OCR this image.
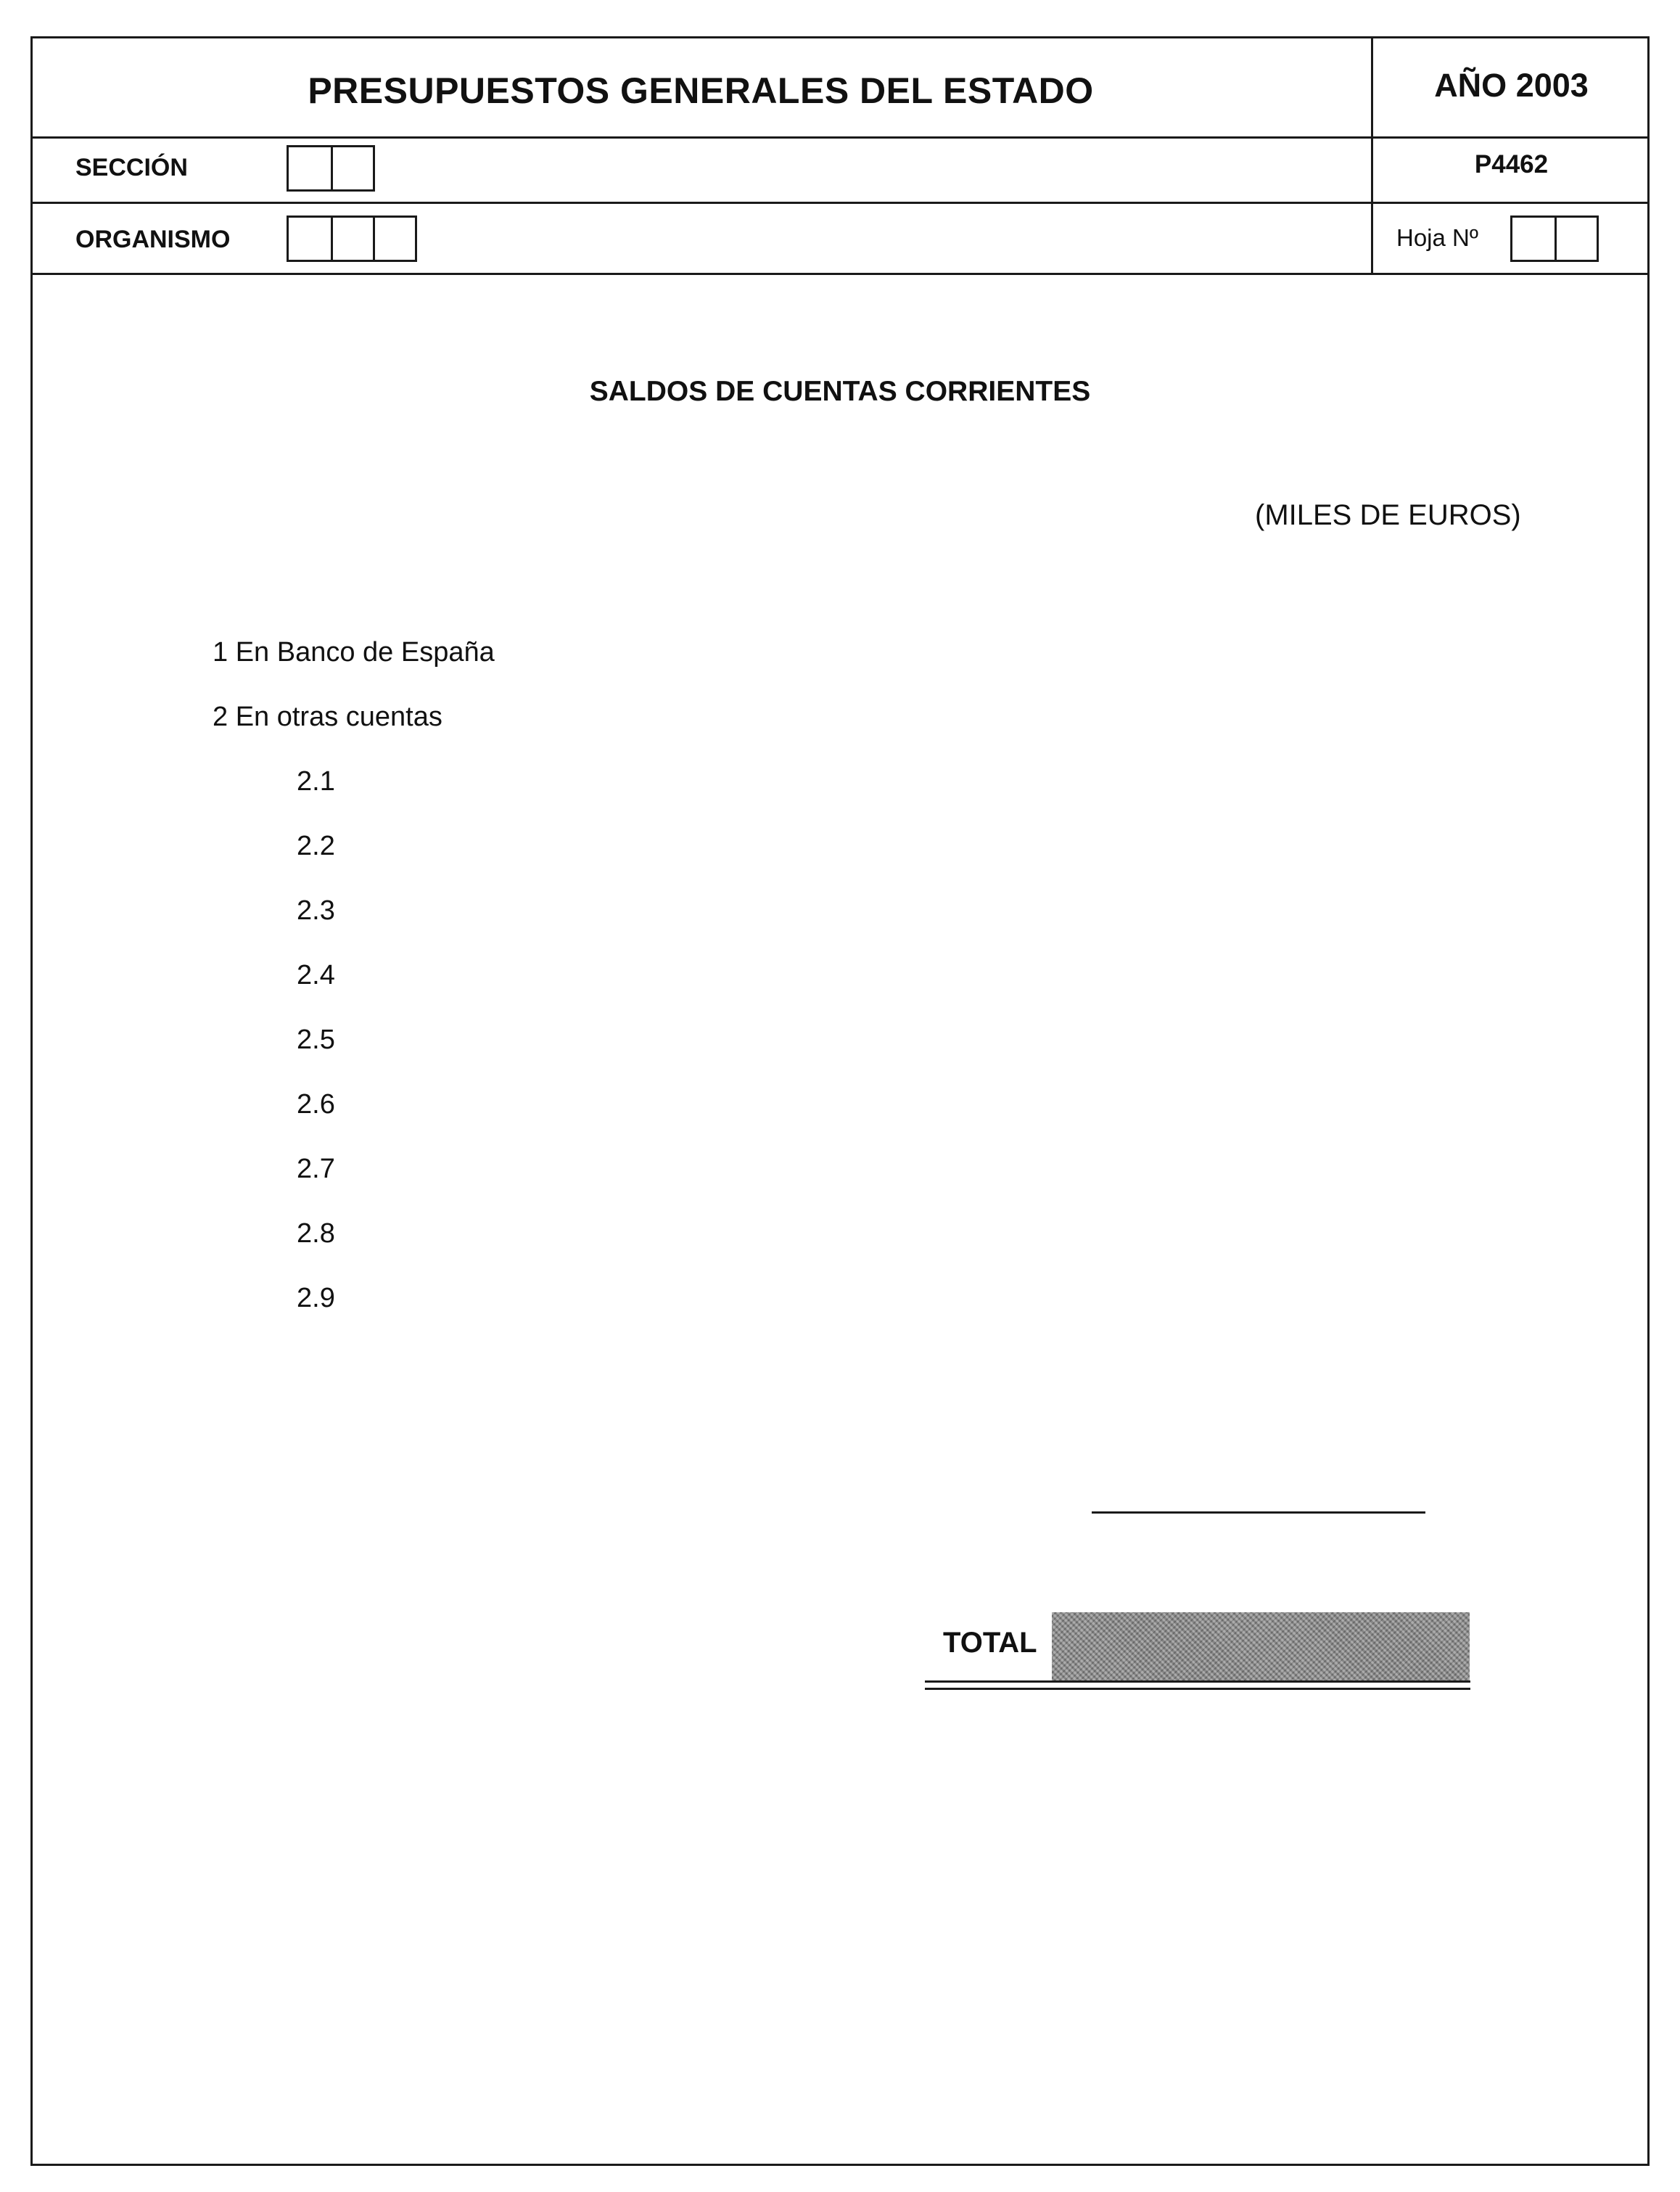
PRESUPUESTOS GENERALES DEL ESTADO	AÑO 2003
SECCIÓN	P4462
ORGANISMO	Hoja Nº
SALDOS DE CUENTAS CORRIENTES
(MILES DE EUROS)
1 En Banco de España
2 En otras cuentas
2.1
2.2
2.3
2.4
2.5
2.6
2.7
2.8
2.9
TOTAL
